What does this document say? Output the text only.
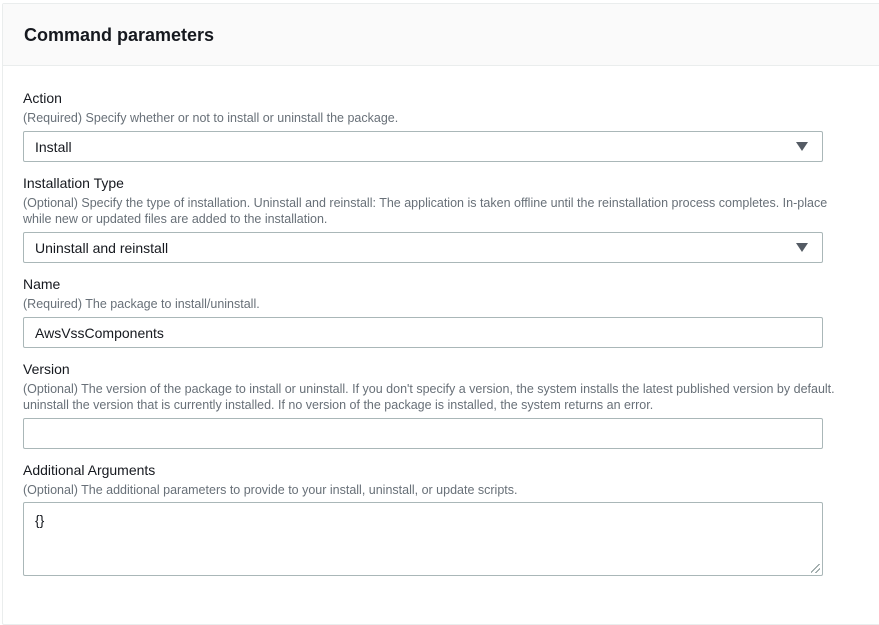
Command parameters
Action
(Required) Specify whether or not to install or uninstall the package.
Install
Installation Type
(Optional) Specify the type of installation. Uninstall and reinstall: The application is taken offline until the reinstallation process completes. In-place
while new or updated files are added to the installation.
Uninstall and reinstall
Name
(Required) The package to install/uninstall.
AwsVssComponents
Version
(Optional) The version of the package to install or uninstall. If you don't specify a version, the system installs the latest published version by default.
uninstall the version that is currently installed. If no version of the package is installed, the system returns an error.
Additional Arguments
(Optional) The additional parameters to provide to your install, uninstall, or update scripts.
{}
